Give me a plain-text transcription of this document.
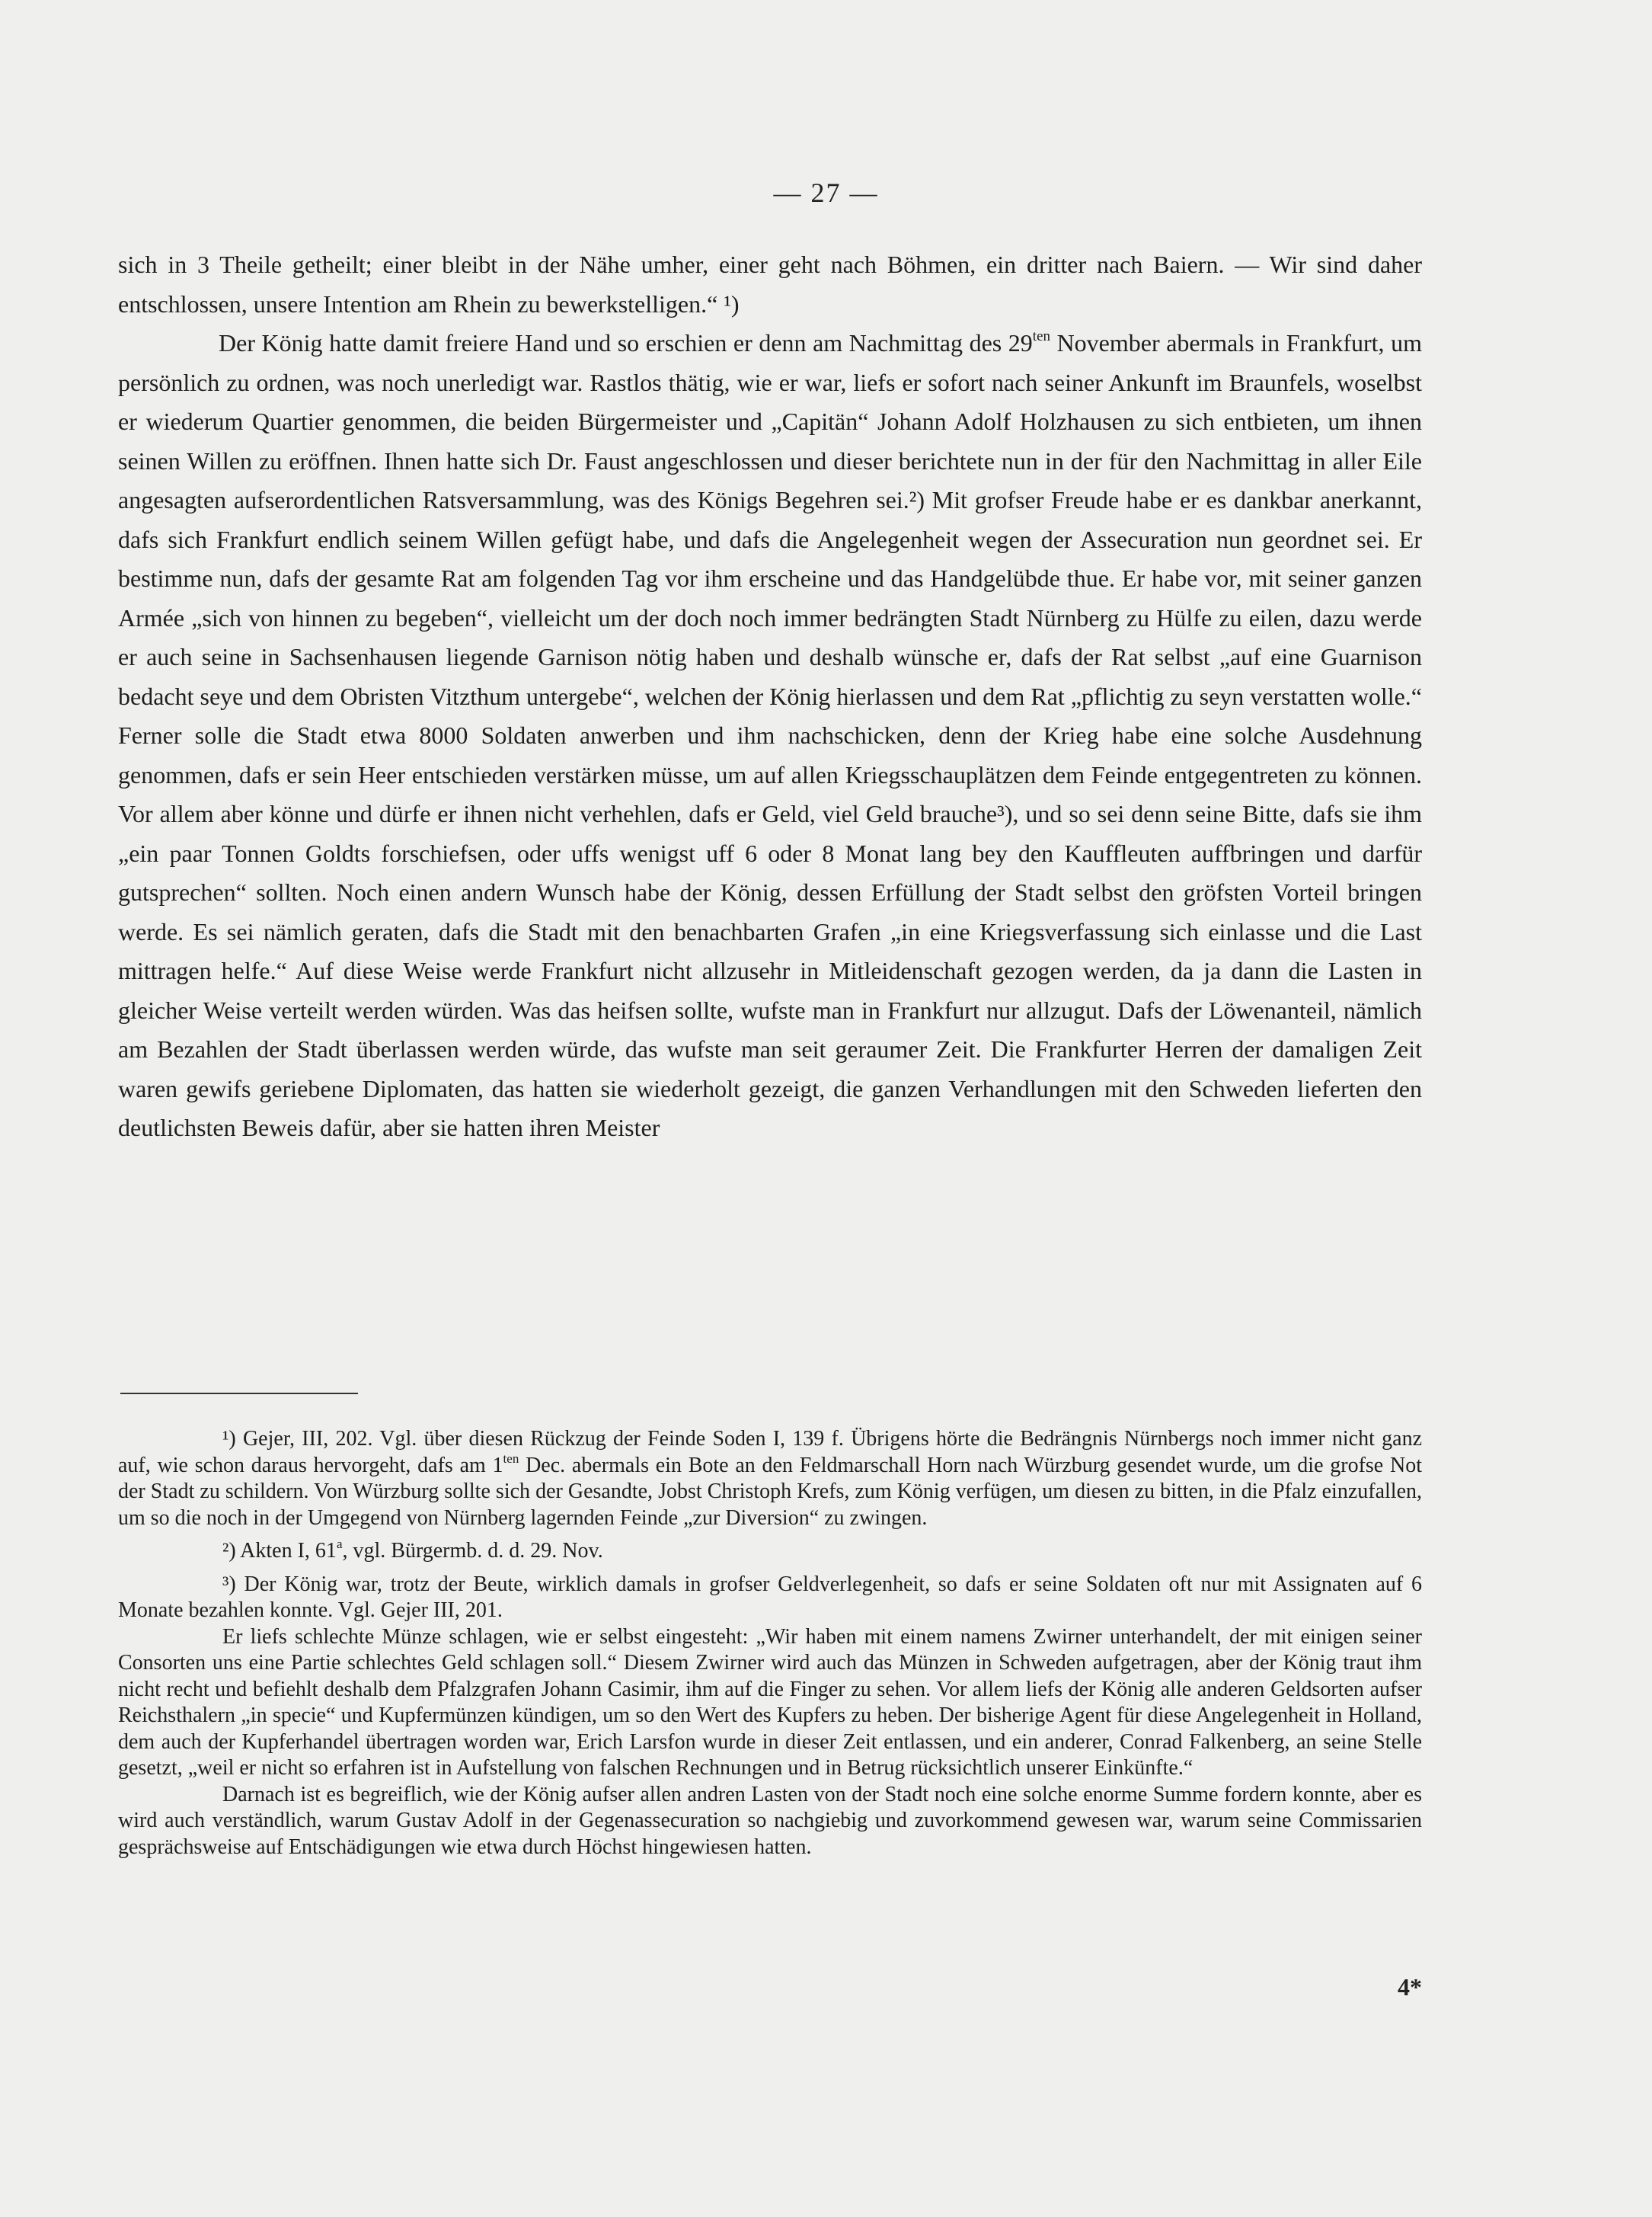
— 27 —

sich in 3 Theile getheilt; einer bleibt in der Nähe umher, einer geht nach Böhmen, ein dritter nach Baiern. — Wir sind daher entschlossen, unsere Intention am Rhein zu bewerkstelligen.“ ¹)

Der König hatte damit freiere Hand und so erschien er denn am Nachmittag des $29^{ten}$ November abermals in Frankfurt, um persönlich zu ordnen, was noch unerledigt war. Rastlos thätig, wie er war, liefs er sofort nach seiner Ankunft im Braunfels, woselbst er wiederum Quartier genommen, die beiden Bürgermeister und „Capitän“ Johann Adolf Holzhausen zu sich entbieten, um ihnen seinen Willen zu eröffnen. Ihnen hatte sich Dr. Faust angeschlossen und dieser berichtete nun in der für den Nachmittag in aller Eile angesagten aufserordentlichen Ratsversammlung, was des Königs Begehren sei.²) Mit grofser Freude habe er es dankbar anerkannt, dafs sich Frankfurt endlich seinem Willen gefügt habe, und dafs die Angelegenheit wegen der Assecuration nun geordnet sei. Er bestimme nun, dafs der gesamte Rat am folgenden Tag vor ihm erscheine und das Handgelübde thue. Er habe vor, mit seiner ganzen Armée „sich von hinnen zu begeben“, vielleicht um der doch noch immer bedrängten Stadt Nürnberg zu Hülfe zu eilen, dazu werde er auch seine in Sachsenhausen liegende Garnison nötig haben und deshalb wünsche er, dafs der Rat selbst „auf eine Guarnison bedacht seye und dem Obristen Vitzthum untergebe“, welchen der König hierlassen und dem Rat „pflichtig zu seyn verstatten wolle.“ Ferner solle die Stadt etwa 8000 Soldaten anwerben und ihm nachschicken, denn der Krieg habe eine solche Ausdehnung genommen, dafs er sein Heer entschieden verstärken müsse, um auf allen Kriegsschauplätzen dem Feinde entgegentreten zu können. Vor allem aber könne und dürfe er ihnen nicht verhehlen, dafs er Geld, viel Geld brauche³), und so sei denn seine Bitte, dafs sie ihm „ein paar Tonnen Goldts forschiefsen, oder uffs wenigst uff 6 oder 8 Monat lang bey den Kauffleuten auffbringen und darfür gutsprechen“ sollten. Noch einen andern Wunsch habe der König, dessen Erfüllung der Stadt selbst den gröfsten Vorteil bringen werde. Es sei nämlich geraten, dafs die Stadt mit den benachbarten Grafen „in eine Kriegsverfassung sich einlasse und die Last mittragen helfe.“ Auf diese Weise werde Frankfurt nicht allzusehr in Mitleidenschaft gezogen werden, da ja dann die Lasten in gleicher Weise verteilt werden würden. Was das heifsen sollte, wufste man in Frankfurt nur allzugut. Dafs der Löwenanteil, nämlich am Bezahlen der Stadt überlassen werden würde, das wufste man seit geraumer Zeit. Die Frankfurter Herren der damaligen Zeit waren gewifs geriebene Diplomaten, das hatten sie wiederholt gezeigt, die ganzen Verhandlungen mit den Schweden lieferten den deutlichsten Beweis dafür, aber sie hatten ihren Meister

¹) Gejer, III, 202. Vgl. über diesen Rückzug der Feinde Soden I, 139 f. Übrigens hörte die Bedrängnis Nürnbergs noch immer nicht ganz auf, wie schon daraus hervorgeht, dafs am $1^{ten}$ Dec. abermals ein Bote an den Feldmarschall Horn nach Würzburg gesendet wurde, um die grofse Not der Stadt zu schildern. Von Würzburg sollte sich der Gesandte, Jobst Christoph Krefs, zum König verfügen, um diesen zu bitten, in die Pfalz einzufallen, um so die noch in der Umgegend von Nürnberg lagernden Feinde „zur Diversion“ zu zwingen.

²) Akten I, 61$^a$, vgl. Bürgermb. d. d. 29. Nov.

³) Der König war, trotz der Beute, wirklich damals in grofser Geldverlegenheit, so dafs er seine Soldaten oft nur mit Assignaten auf 6 Monate bezahlen konnte. Vgl. Gejer III, 201.

Er liefs schlechte Münze schlagen, wie er selbst eingesteht: „Wir haben mit einem namens Zwirner unterhandelt, der mit einigen seiner Consorten uns eine Partie schlechtes Geld schlagen soll.“ Diesem Zwirner wird auch das Münzen in Schweden aufgetragen, aber der König traut ihm nicht recht und befiehlt deshalb dem Pfalzgrafen Johann Casimir, ihm auf die Finger zu sehen. Vor allem liefs der König alle anderen Geldsorten aufser Reichsthalern „in specie“ und Kupfermünzen kündigen, um so den Wert des Kupfers zu heben. Der bisherige Agent für diese Angelegenheit in Holland, dem auch der Kupferhandel übertragen worden war, Erich Larsfon wurde in dieser Zeit entlassen, und ein anderer, Conrad Falkenberg, an seine Stelle gesetzt, „weil er nicht so erfahren ist in Aufstellung von falschen Rechnungen und in Betrug rücksichtlich unserer Einkünfte.“

Darnach ist es begreiflich, wie der König aufser allen andren Lasten von der Stadt noch eine solche enorme Summe fordern konnte, aber es wird auch verständlich, warum Gustav Adolf in der Gegenassecuration so nachgiebig und zuvorkommend gewesen war, warum seine Commissarien gesprächsweise auf Entschädigungen wie etwa durch Höchst hingewiesen hatten.

4*
